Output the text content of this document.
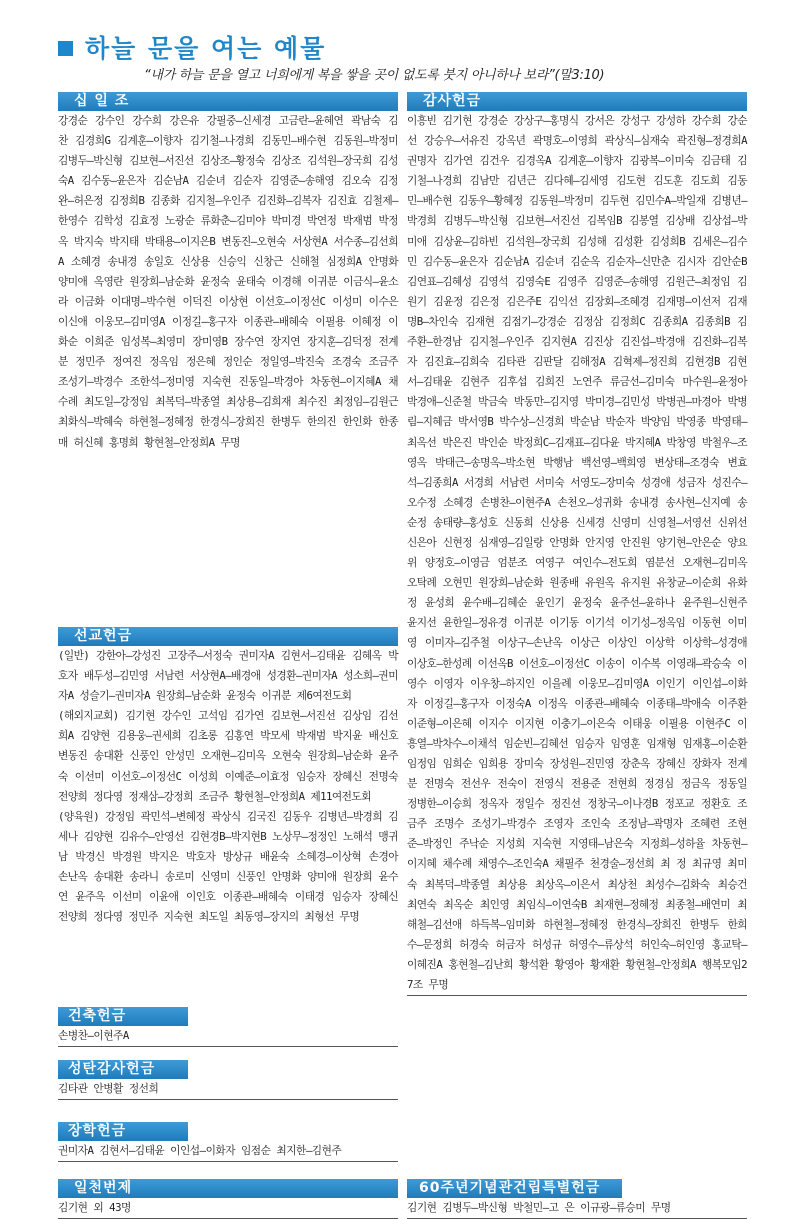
하늘 문을 여는 예물
“내가 하늘 문을 열고 너희에게 복을 쌓을 곳이 없도록 붓지 아니하나 보라”(말3:10)
십 일 조
강경순 강수인 강수희 강은유 강필중–신세경 고금란–윤혜연 곽남숙 김 찬 김경희G 김계훈–이향자 김기철–나경희 김동민–배수현 김동원–박정미 김병두–박신형 김보현–서진선 김상조–황정숙 김상조 김석원–장국희 김성숙A 김수동–윤은자 김순남A 김순녀 김순자 김영준–송해영 김오숙 김정완–허은정 김정희B 김종화 김지철–우인주 김진화–김복자 김진효 김철제–한영수 김학성 김효정 노광순 류화춘–김미야 박미경 박연정 박재범 박정옥 박지숙 박지태 박태용–이지은B 변동진–오현숙 서상현A 서수종–김선희A 소혜경 송내경 송일호 신상용 신승익 신창근 신해철 심정희A 안명화 양미애 옥영란 원장희–남순화 윤정숙 윤태숙 이경해 이귀분 이금식–윤소라 이금화 이대명–박수현 이덕진 이상현 이선호–이정선C 이성미 이수은 이신애 이웅모–김미영A 이정길–홍구자 이종관–배혜숙 이필용 이혜정 이화순 이희준 임성복–최영미 장미영B 장수연 장지연 장지훈–김덕정 전계분 정민주 정여진 정옥임 정은혜 정인순 정일영–박진숙 조경숙 조금주 조성기–박경수 조한석–정미영 지숙현 진동일–박경아 차동현–이지혜A 채수례 최도일–강정임 최복덕–박종열 최상용–김희재 최수진 최정임–김원근 최화식–박혜숙 하현철–정혜정 한경식–장희진 한병두 한의진 한인화 한종매 허신혜 홍명희 황현철–안정희A 무명
선교헌금

(일반) 강한아–강성진 고장주–서정숙 권미자A 김현서–김태윤 김혜옥 박호자 배두성–김민영 서남련 서상현A–배경애 성경환–권미자A 성소희–권미자A 성슬기–권미자A 원장희–남순화 윤정숙 이귀분 제6여전도회

(해외지교회) 김기현 강수인 고석임 김가연 김보현–서진선 김상임 김선희A 김양현 김용웅–권세희 김초롱 김홍연 박모세 박재범 박지윤 배신호 변동진 송대환 신풍인 안성민 오재현–김미옥 오현숙 원장희–남순화 윤주숙 이선미 이선호–이정선C 이성희 이예준–이효정 임승자 장혜신 전명숙 전양희 정다영 정재삼–강정희 조금주 황현철–안정희A 제11여전도회

(양육원) 강정임 곽민석–변혜정 곽상식 김국진 김동우 김병년–박경희 김세나 김양현 김유수–안영선 김현경B–박지현B 노상무–정정인 노해석 맹귀남 박경신 박경원 박지은 박호자 방상규 배윤숙 소혜경–이상혁 손경아 손난옥 송대환 송라니 송로미 신영미 신풍인 안명화 양미애 원장희 윤수연 윤주옥 이선미 이윤애 이인호 이종관–배혜숙 이태경 임승자 장혜신 전양희 정다영 정민주 지숙현 최도일 최동영–장지의 최형선 무명

건축헌금
손병찬–이현주A
성탄감사헌금
김타관 안병활 정선희
장학헌금
권미자A 김현서–김태윤 이인섭–이화자 임점순 최지한–김현주
일천번제
김기현 외 43명
감사헌금
이흥빈 김기현 강경순 강상구–홍명식 강서은 강성구 강성하 강수희 강순선 강승우–서유진 강옥년 곽명호–이영희 곽상식–심재숙 곽진형–정경희A 권명자 김가연 김건우 김경옥A 김계훈–이향자 김광복–이미숙 김금태 김기철–나경희 김남만 김년근 김다혜–김세영 김도현 김도훈 김도희 김동민–배수현 김동우–황혜정 김동원–박정미 김두현 김민수A–박일재 김병년–박경희 김병두–박신형 김보현–서진선 김복임B 김봉열 김상배 김상섭–박미애 김상윤–김하빈 김석원–장국희 김성해 김성환 김성희B 김세은–김수민 김수동–윤은자 김순남A 김순녀 김순옥 김순자–신만춘 김시자 김안순B 김연표–김혜성 김영석 김영숙E 김영주 김영준–송해영 김원근–최정임 김원기 김윤정 김은정 김은주E 김익선 김장회–조혜경 김재명–이선저 김재명B–차인숙 김재현 김점기–강경순 김정삼 김정희C 김종희A 김종희B 김주환–한경남 김지철–우인주 김지현A 김진상 김진섭–박경애 김진화–김복자 김진효–김희숙 김타관 김판달 김해정A 김혁제–정진희 김현경B 김현서–김태윤 김현주 김후섭 김희진 노연주 류금선–김미숙 마수원–윤정아 박경애–신준철 박금숙 박동만–김지영 박미경–김민성 박병권–마경아 박병림–지혜금 박서영B 박수상–신경희 박순남 박순자 박양임 박영종 박영태–최옥선 박은진 박인순 박정희C–김재표–김다윤 박지혜A 박창영 박철우–조영옥 박태근–송명옥–박소현 박행남 백선영–백희영 변상태–조경숙 변효석–김종희A 서경희 서남련 서미숙 서영도–장미숙 성경애 성금자 성진수–오수정 소혜경 손병찬–이현주A 손천오–성귀화 송내경 송사현–신지예 송순정 송태량–홍성호 신동희 신상용 신세경 신영미 신영철–서영선 신위선 신은아 신현정 심재영–김일랑 안명화 안지영 안진원 양기현–안은순 양요위 양정호–이영금 엄분조 여영구 여인수–전도희 염분선 오재현–김미옥 오탁례 오현민 원장희–남순화 원종배 유원옥 유지원 유창균–이순희 유화정 윤성희 윤수배–김혜순 윤인기 윤정숙 윤주선–윤하나 윤주원–신현주 윤지선 윤한일–정유경 이귀분 이기동 이기석 이기성–정옥임 이동현 이미영 이미자–김주철 이상구–손난옥 이상근 이상인 이상학 이상학–성경애 이상호–한성례 이선옥B 이선호–이정선C 이송이 이수복 이영래–곽승숙 이영수 이영자 이우창–하지인 이을례 이웅모–김미영A 이인기 이인섭–이화자 이정길–홍구자 이정숙A 이정옥 이종관–배혜숙 이종태–박애숙 이주환 이준형–이은혜 이지수 이지현 이충기–이은숙 이태웅 이필용 이현주C 이흥열–박차수–이채석 임순빈–김혜선 임승자 임영훈 임재형 임재홍–이순환 임정임 임희순 임희용 장미숙 장성원–진민영 장춘옥 장혜신 장화자 전계분 전명숙 전선우 전숙이 전영식 전용준 전현희 정경심 정금옥 정동일 정병한–이승희 정옥자 정일수 정진선 정창국–이나경B 정포교 정환호 조금주 조명수 조성기–박경수 조영자 조인숙 조정남–곽명자 조혜련 조현준–박정인 주낙순 지성희 지숙현 지영태–남은숙 지정희–성하율 차동현–이지혜 채수례 채영수–조인숙A 채필주 천경술–정선희 최 정 최규영 최미숙 최복덕–박종열 최상용 최상옥–이은서 최상천 최성수–김화숙 최승건 최연숙 최옥순 최인영 최임식–이연숙B 최재현–정혜정 최종철–배연미 최해철–김선애 하득복–임미화 하현철–정혜정 한경식–장희진 한병두 한희수–문정희 허경숙 허금자 허성규 허영수–류상석 허인숙–허인영 홍교탁–이혜진A 홍현철–김난희 황석환 황영아 황재환 황현철–안정희A 행복모임27조 무명
60주년기념관건립특별헌금
김기현 김병두–박신형 박철민–고 은 이규광–류승미 무명
